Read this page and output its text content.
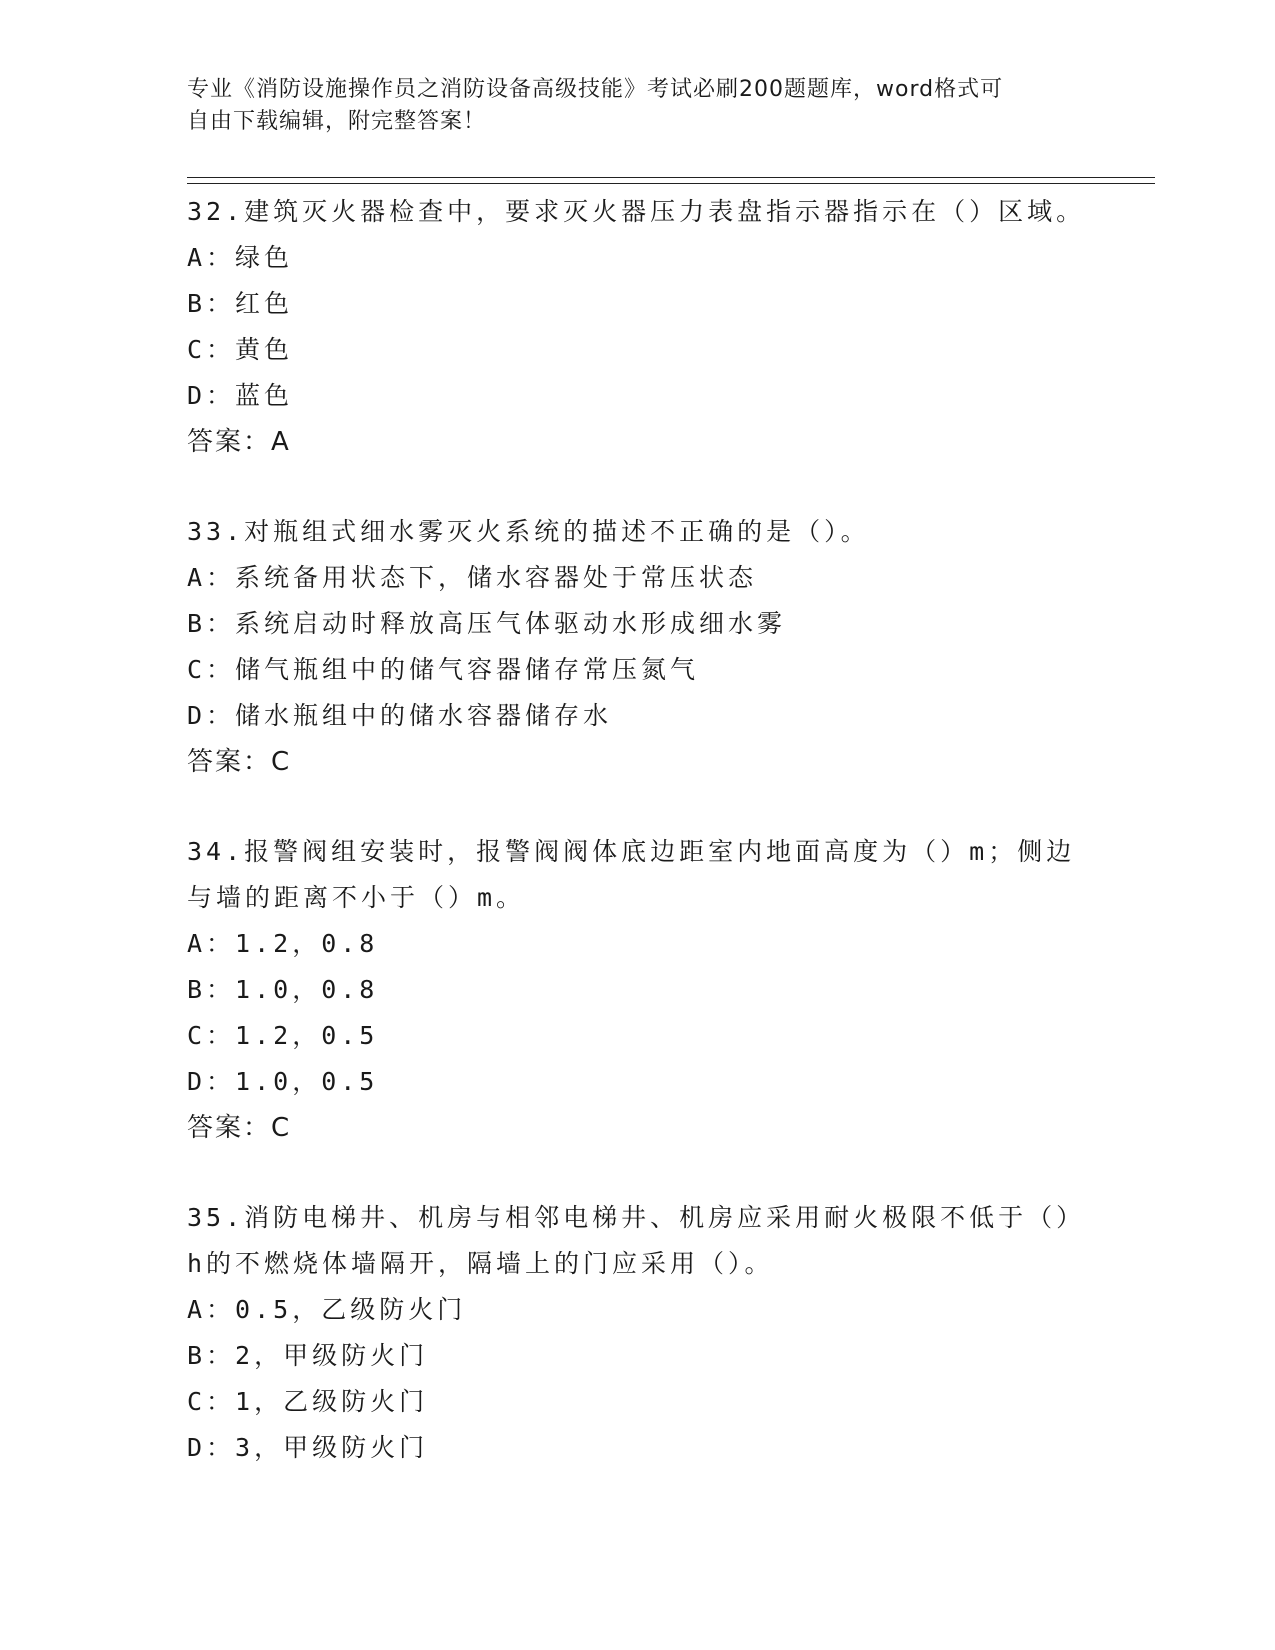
专业《消防设施操作员之消防设备高级技能》考试必刷200题题库，word格式可
自由下载编辑，附完整答案！
32.建筑灭火器检查中，要求灭火器压力表盘指示器指示在（）区域。
A：绿色
B：红色
C：黄色
D：蓝色
答案：A
33.对瓶组式细水雾灭火系统的描述不正确的是（）。
A：系统备用状态下，储水容器处于常压状态
B：系统启动时释放高压气体驱动水形成细水雾
C：储气瓶组中的储气容器储存常压氮气
D：储水瓶组中的储水容器储存水
答案：C
34.报警阀组安装时，报警阀阀体底边距室内地面高度为（）m；侧边
与墙的距离不小于（）m。
A：1.2，0.8
B：1.0，0.8
C：1.2，0.5
D：1.0，0.5
答案：C
35.消防电梯井、机房与相邻电梯井、机房应采用耐火极限不低于（）
h的不燃烧体墙隔开，隔墙上的门应采用（）。
A：0.5，乙级防火门
B：2，甲级防火门
C：1，乙级防火门
D：3，甲级防火门
